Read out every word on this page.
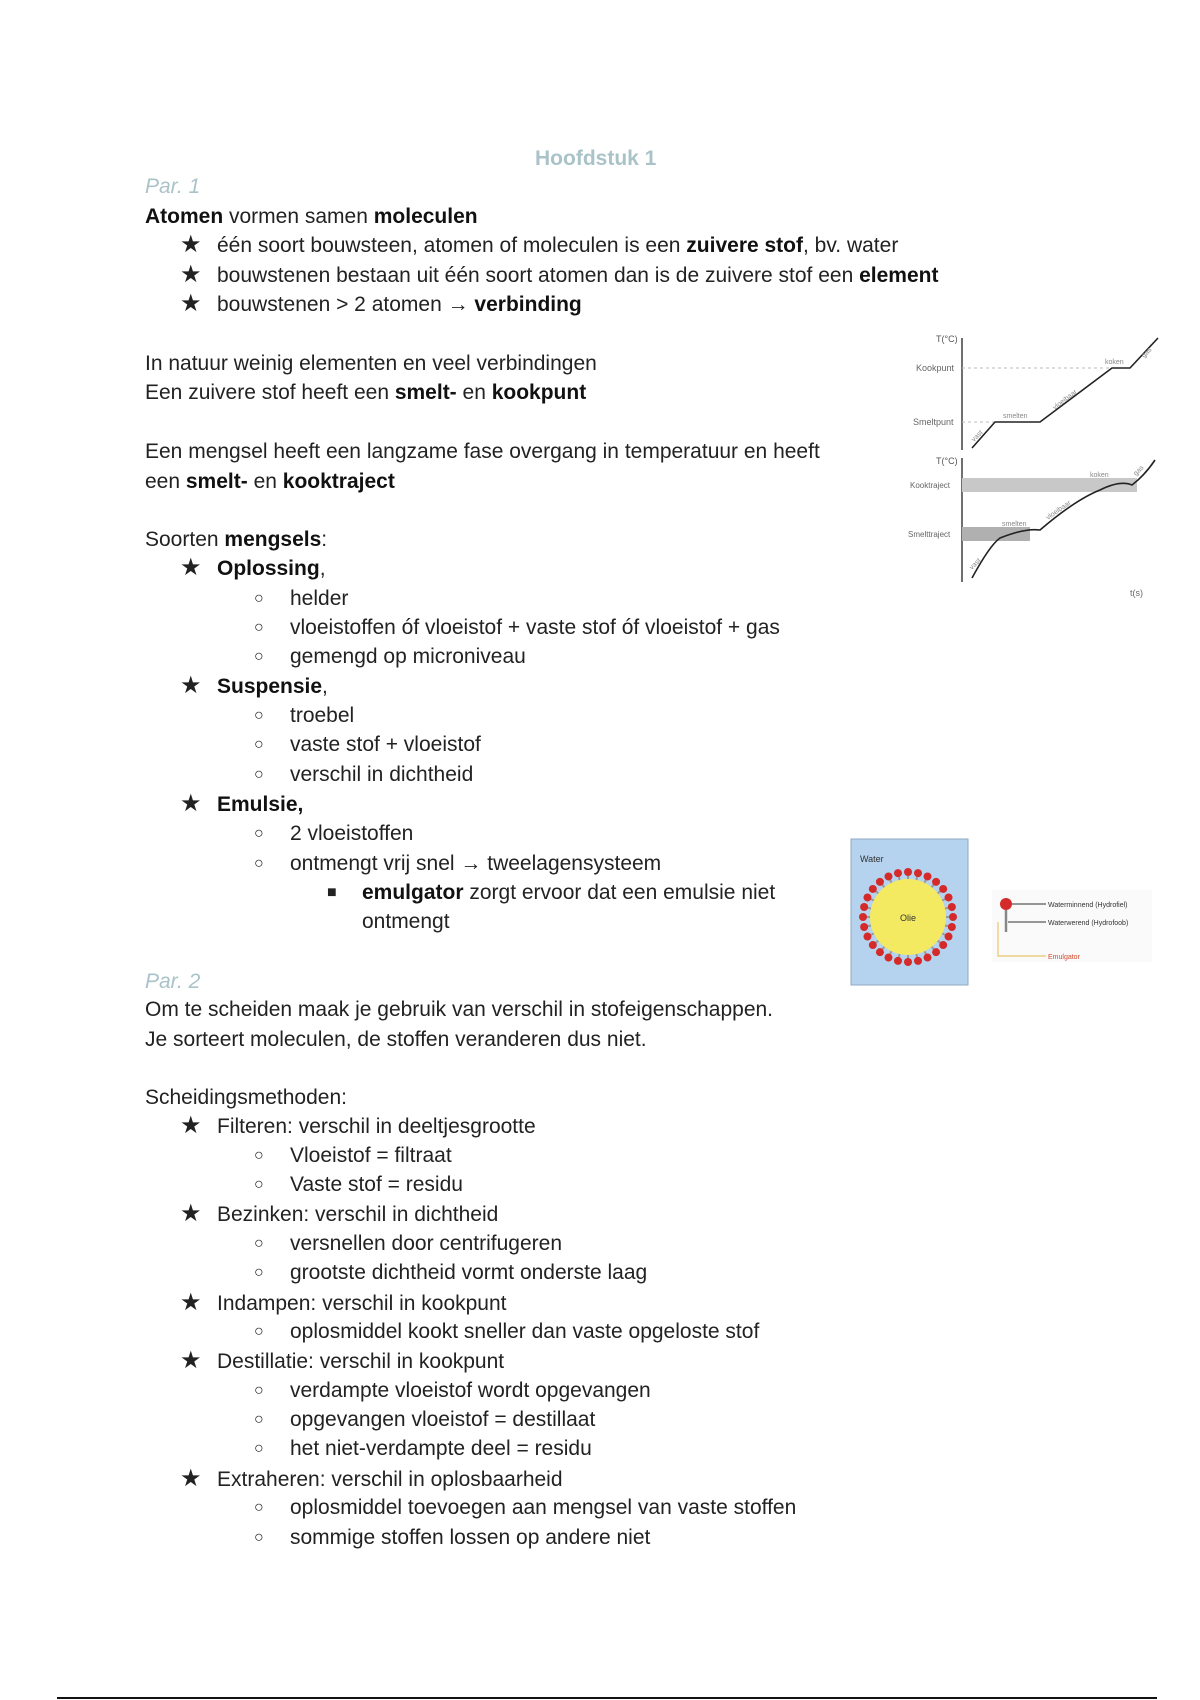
Hoofdstuk 1
Par. 1
Atomen vormen samen moleculen
★ één soort bouwsteen, atomen of moleculen is een zuivere stof, bv. water
★ bouwstenen bestaan uit één soort atomen dan is de zuivere stof een element
★ bouwstenen > 2 atomen → verbinding
In natuur weinig elementen en veel verbindingen
Een zuivere stof heeft een smelt- en kookpunt
Een mengsel heeft een langzame fase overgang in temperatuur en heeft
een smelt- en kooktraject
Soorten mengsels:
★ Oplossing,
○ helder
○ vloeistoffen óf vloeistof + vaste stof óf vloeistof + gas
○ gemengd op microniveau
★ Suspensie,
○ troebel
○ vaste stof + vloeistof
○ verschil in dichtheid
★ Emulsie,
○ 2 vloeistoffen
○ ontmengt vrij snel → tweelagensysteem
■ emulgator zorgt ervoor dat een emulsie niet
ontmengt
T(°C)
Kookpunt
Smeltpunt
vast
smelten
vloeibaar
koken
gas
T(°C)
Kooktraject
Smelttraject
vast
smelten
vloeibaar
koken	gas
t(s)
Water
Olie
Waterminnend (Hydrofiel)
Waterwerend (Hydrofoob)
Emulgator
Par. 2
Om te scheiden maak je gebruik van verschil in stofeigenschappen.
Je sorteert moleculen, de stoffen veranderen dus niet.
Scheidingsmethoden:
★ Filteren: verschil in deeltjesgrootte
○ Vloeistof = filtraat
○ Vaste stof = residu
★ Bezinken: verschil in dichtheid
○ versnellen door centrifugeren
○ grootste dichtheid vormt onderste laag
★ Indampen: verschil in kookpunt
○ oplosmiddel kookt sneller dan vaste opgeloste stof
★ Destillatie: verschil in kookpunt
○ verdampte vloeistof wordt opgevangen
○ opgevangen vloeistof = destillaat
○ het niet-verdampte deel = residu
★ Extraheren: verschil in oplosbaarheid
○ oplosmiddel toevoegen aan mengsel van vaste stoffen
○ sommige stoffen lossen op andere niet
